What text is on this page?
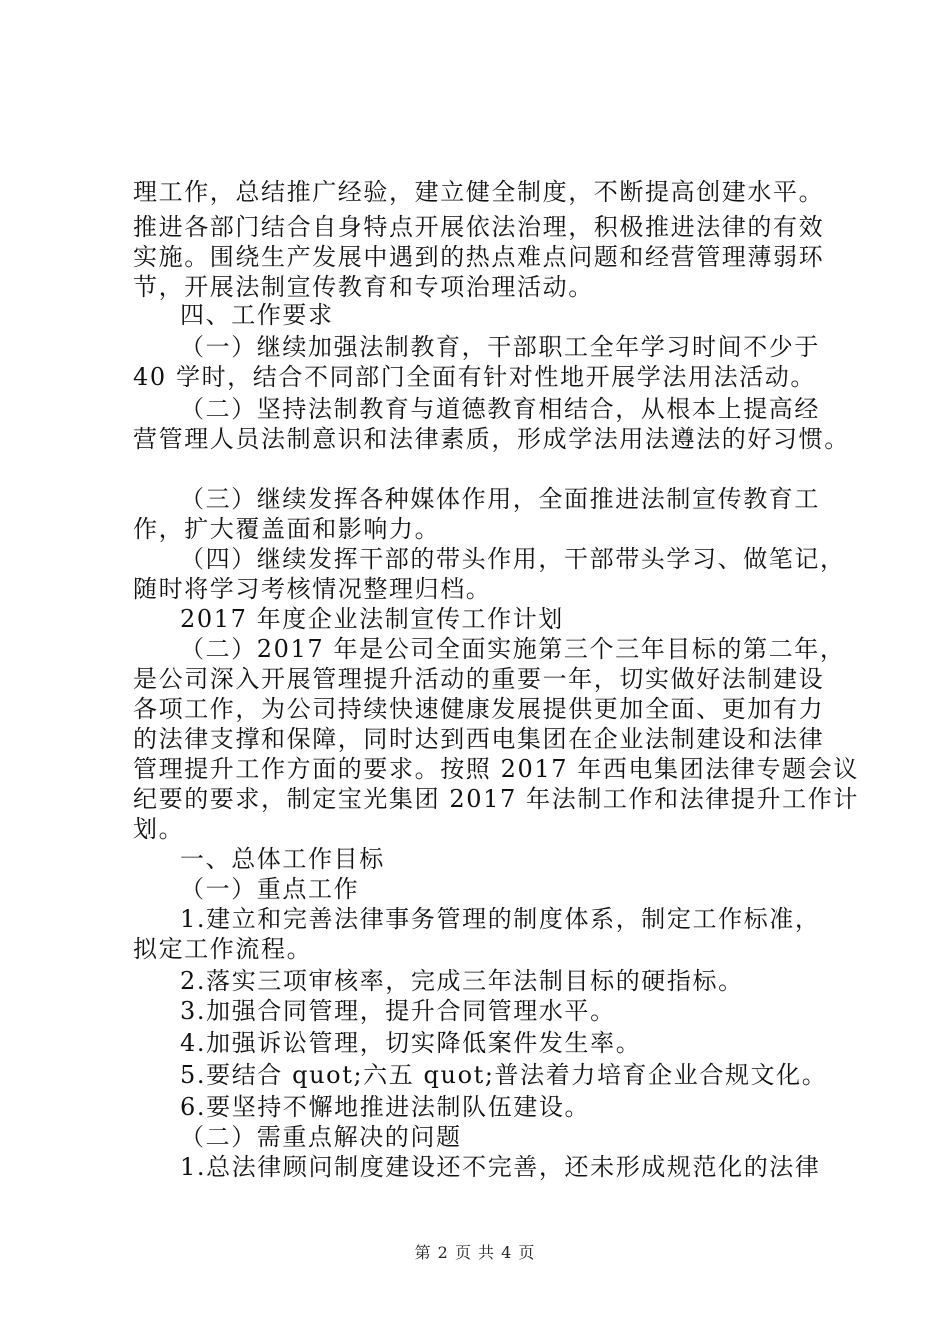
理工作，总结推广经验，建立健全制度，不断提高创建水平。
推进各部门结合自身特点开展依法治理，积极推进法律的有效
实施。围绕生产发展中遇到的热点难点问题和经营管理薄弱环
节，开展法制宣传教育和专项治理活动。
四、工作要求
（一）继续加强法制教育，干部职工全年学习时间不少于
40 学时，结合不同部门全面有针对性地开展学法用法活动。
（二）坚持法制教育与道德教育相结合，从根本上提高经
营管理人员法制意识和法律素质，形成学法用法遵法的好习惯。
（三）继续发挥各种媒体作用，全面推进法制宣传教育工
作，扩大覆盖面和影响力。
（四）继续发挥干部的带头作用，干部带头学习、做笔记，
随时将学习考核情况整理归档。
2017 年度企业法制宣传工作计划
（二）2017 年是公司全面实施第三个三年目标的第二年，
是公司深入开展管理提升活动的重要一年，切实做好法制建设
各项工作，为公司持续快速健康发展提供更加全面、更加有力
的法律支撑和保障，同时达到西电集团在企业法制建设和法律
管理提升工作方面的要求。按照 2017 年西电集团法律专题会议
纪要的要求，制定宝光集团 2017 年法制工作和法律提升工作计
划。
一、总体工作目标
（一）重点工作
1.建立和完善法律事务管理的制度体系，制定工作标准，
拟定工作流程。
2.落实三项审核率，完成三年法制目标的硬指标。
3.加强合同管理，提升合同管理水平。
4.加强诉讼管理，切实降低案件发生率。
5.要结合 quot;六五 quot;普法着力培育企业合规文化。
6.要坚持不懈地推进法制队伍建设。
（二）需重点解决的问题
1.总法律顾问制度建设还不完善，还未形成规范化的法律
第 2 页 共 4 页
